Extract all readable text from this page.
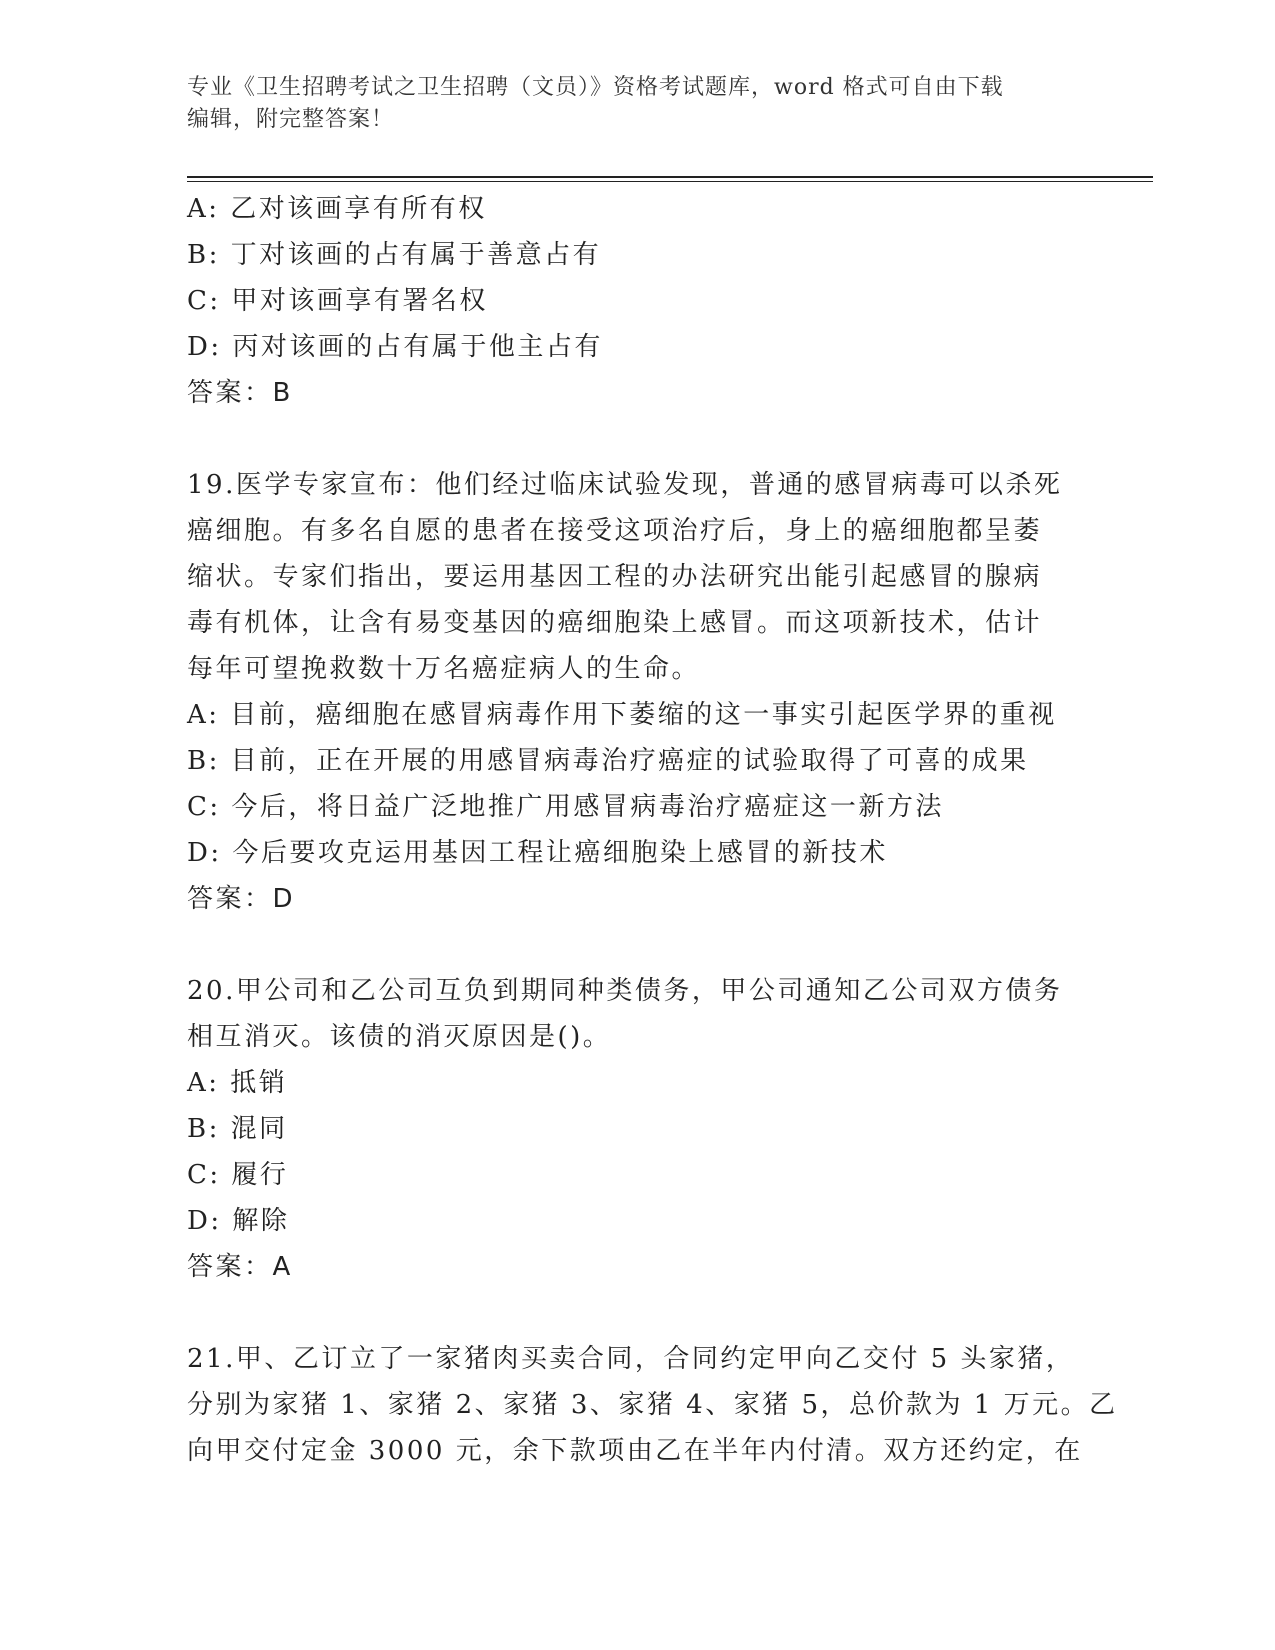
专业《卫生招聘考试之卫生招聘（文员）》资格考试题库，word 格式可自由下载
编辑，附完整答案！
A: 乙对该画享有所有权
B: 丁对该画的占有属于善意占有
C: 甲对该画享有署名权
D: 丙对该画的占有属于他主占有
答案：B
19.医学专家宣布：他们经过临床试验发现，普通的感冒病毒可以杀死
癌细胞。有多名自愿的患者在接受这项治疗后，身上的癌细胞都呈萎
缩状。专家们指出，要运用基因工程的办法研究出能引起感冒的腺病
毒有机体，让含有易变基因的癌细胞染上感冒。而这项新技术，估计
每年可望挽救数十万名癌症病人的生命。
A: 目前，癌细胞在感冒病毒作用下萎缩的这一事实引起医学界的重视
B: 目前，正在开展的用感冒病毒治疗癌症的试验取得了可喜的成果
C: 今后，将日益广泛地推广用感冒病毒治疗癌症这一新方法
D: 今后要攻克运用基因工程让癌细胞染上感冒的新技术
答案：D
20.甲公司和乙公司互负到期同种类债务，甲公司通知乙公司双方债务
相互消灭。该债的消灭原因是()。
A: 抵销
B: 混同
C: 履行
D: 解除
答案：A
21.甲、乙订立了一家猪肉买卖合同，合同约定甲向乙交付 5 头家猪，
分别为家猪 1、家猪 2、家猪 3、家猪 4、家猪 5，总价款为 1 万元。乙
向甲交付定金 3000 元，余下款项由乙在半年内付清。双方还约定，在
